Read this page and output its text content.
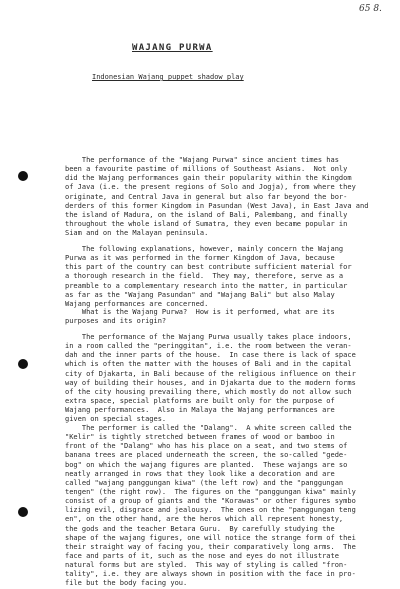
65 8.
WAJANG PURWA
Indonesian Wajang puppet shadow play
The performance of the "Wajang Purwa" since ancient times has
been a favourite pastime of millions of Southeast Asians.  Not only
did the Wajang performances gain their popularity within the Kingdom
of Java (i.e. the present regions of Solo and Jogja), from where they
originate, and Central Java in general but also far beyond the bor-
derders of this former Kingdom in Pasundan (West Java), in East Java and
the island of Madura, on the island of Bali, Palembang, and finally
throughout the whole island of Sumatra, they even became popular in
Siam and on the Malayan peninsula.
The following explanations, however, mainly concern the Wajang
Purwa as it was performed in the former Kingdom of Java, because
this part of the country can best contribute sufficient material for
a thorough research in the field.  They may, therefore, serve as a
preamble to a complementary research into the matter, in particular
as far as the "Wajang Pasundan" and "Wajang Bali" but also Malay
Wajang performances are concerned.
What is the Wajang Purwa?  How is it performed, what are its
purposes and its origin?
The performance of the Wajang Purwa usually takes place indoors,
in a room called the "peringgitan", i.e. the room between the veran-
dah and the inner parts of the house.  In case there is lack of space
which is often the matter with the houses of Bali and in the capital
city of Djakarta, in Bali because of the religious influence on their
way of building their houses, and in Djakarta due to the modern forms
of the city housing prevailing there, which mostly do not allow such
extra space, special platforms are built only for the purpose of
Wajang performances.  Also in Malaya the Wajang performances are
given on special stages.
The performer is called the "Dalang".  A white screen called the
"Kelir" is tightly stretched between frames of wood or bamboo in
front of the "Dalang" who has his place on a seat, and two stems of
banana trees are placed underneath the screen, the so-called "gede-
bog" on which the wajang figures are planted.  These wajangs are so
neatly arranged in rows that they look like a decoration and are
called "wajang panggungan kiwa" (the left row) and the "panggungan
tengen" (the right row).  The figures on the "panggungan kiwa" mainly
consist of a group of giants and the "Korawas" or other figures symbo
lizing evil, disgrace and jealousy.  The ones on the "panggungan teng
en", on the other hand, are the heros which all represent honesty,
the gods and the teacher Betara Guru.  By carefully studying the
shape of the wajang figures, one will notice the strange form of thei
their straight way of facing you, their comparatively long arms.  The
face and parts of it, such as the nose and eyes do not illustrate
natural forms but are styled.  This way of styling is called "fron-
tality", i.e. they are always shown in position with the face in pro-
file but the body facing you.
